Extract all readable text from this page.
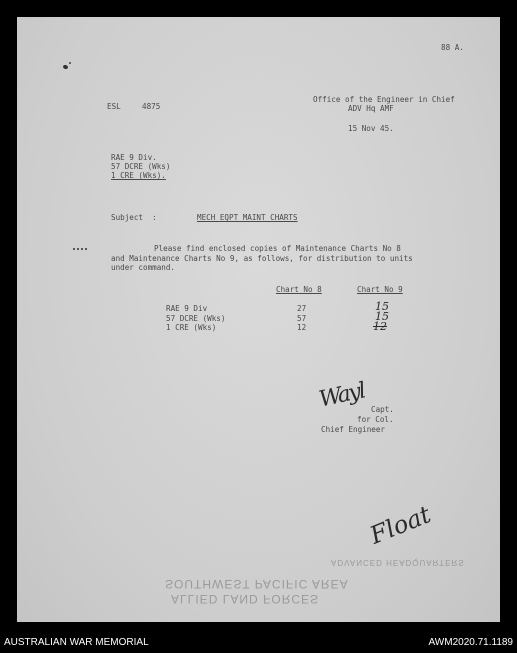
88 A.
ESL	4875
Office of the Engineer in Chief
ADV Hq AMF
15 Nov 45.
RAE 9 Div.
57 DCRE (Wks)
1 CRE (Wks).
Subject  :	MECH EQPT MAINT CHARTS
Please find enclosed copies of Maintenance Charts No 8
and Maintenance Charts No 9, as follows, for distribution to units
under command.
Chart No 8	Chart No 9
RAE 9 Div	27	15
57 DCRE (Wks)	57	15
1 CRE (Wks)	12	12
Wayl Capt.
for Col.
Chief Engineer
Float
ADVANCED HEADQUARTERS
SOUTHWEST PACIFIC AREA
ALLIED LAND FORCES
AUSTRALIAN WAR MEMORIAL	AWM2020.71.1189
